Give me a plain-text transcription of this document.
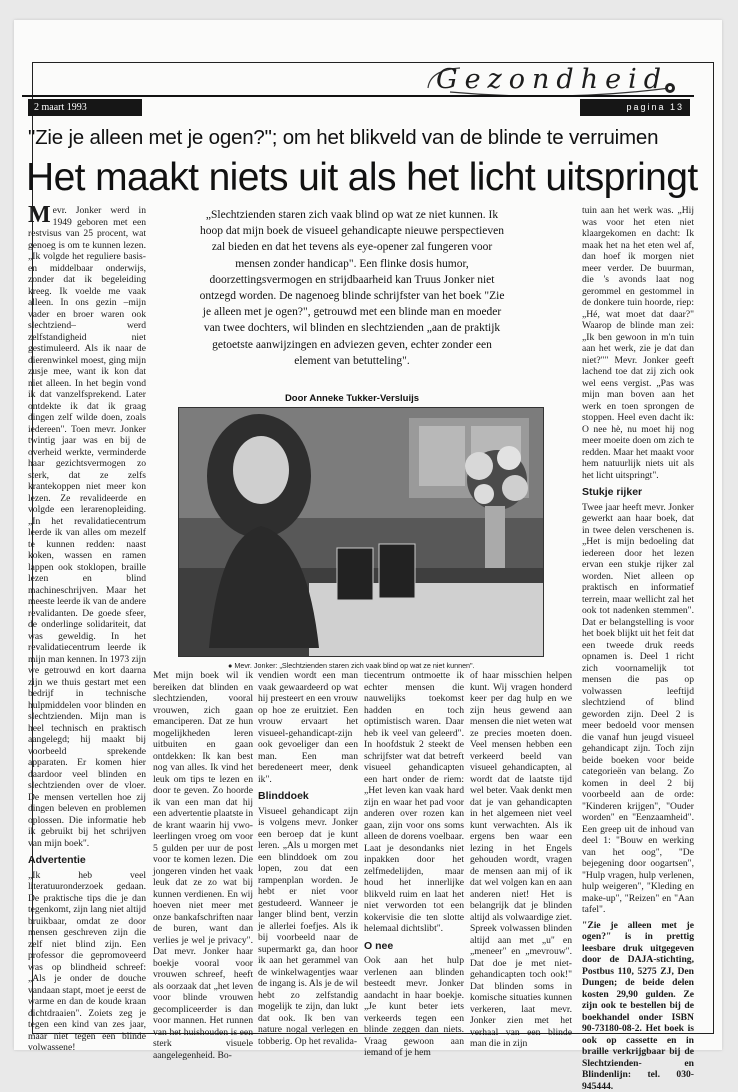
Gezondheid
2 maart 1993	pagina 13
"Zie je alleen met je ogen?"; om het blikveld van de blinde te verruimen
Het maakt niets uit als het licht uitspringt
„Slechtzienden staren zich vaak blind op wat ze niet kunnen. Ik hoop dat mijn boek de visueel gehandicapte nieuwe perspectieven zal bieden en dat het tevens als eye-opener zal fungeren voor mensen zonder handicap". Een flinke dosis humor, doorzettingsvermogen en strijdbaarheid kan Truus Jonker niet ontzegd worden. De nagenoeg blinde schrijfster van het boek "Zie je alleen met je ogen?", getrouwd met een blinde man en moeder van twee dochters, wil blinden en slechtzienden „aan de praktijk getoetste aanwijzingen en adviezen geven, echter zonder een element van betutteling".
Door Anneke Tukker-Versluijs
● Mevr. Jonker: „Slechtzienden staren zich vaak blind op wat ze niet kunnen".

Mevr. Jonker werd in 1949 geboren met een restvisus van 25 procent, wat genoeg is om te kunnen lezen. „Ik volgde het reguliere basis- en middelbaar onderwijs, zonder dat ik begeleiding kreeg. Ik voelde me vaak alleen. In ons gezin –mijn vader en broer waren ook slechtziend– werd zelfstandigheid niet gestimuleerd. Als ik naar de dierenwinkel moest, ging mijn zusje mee, want ik kon dat niet alleen. In het begin vond ik dat vanzelfsprekend. Later ontdekte ik dat ik graag dingen zelf wilde doen, zoals iedereen". Toen mevr. Jonker twintig jaar was en bij de overheid werkte, verminderde haar gezichtsvermogen zo sterk, dat ze zelfs krantekoppen niet meer kon lezen. Ze revalideerde en volgde een lerarenopleiding. „In het revalidatiecentrum leerde ik van alles om mezelf te kunnen redden: naast koken, wassen en ramen lappen ook stoklopen, braille lezen en blind machineschrijven. Maar het meeste leerde ik van de andere revalidanten. De goede sfeer, de onderlinge solidariteit, dat was geweldig. In het revalidatiecentrum leerde ik mijn man kennen. In 1973 zijn we getrouwd en kort daarna zijn we thuis gestart met een bedrijf in technische hulpmiddelen voor blinden en slechtzienden. Mijn man is heel technisch en praktisch aangelegd; hij maakt bij voorbeeld sprekende apparaten. Er komen hier daardoor veel blinden en slechtzienden over de vloer. De mensen vertellen hoe zij dingen beleven en problemen oplossen. Die informatie heb ik gebruikt bij het schrijven van mijn boek".

Advertentie

„Ik heb veel literatuuronderzoek gedaan. De praktische tips die je dan tegenkomt, zijn lang niet altijd bruikbaar, omdat ze door mensen geschreven zijn die zelf niet blind zijn. Een professor die gepromoveerd was op blindheid schreef: „Als je onder de douche vandaan stapt, moet je eerst de warme en dan de koude kraan dichtdraaien". Zoiets zeg je tegen een kind van zes jaar, maar niet tegen een blinde volwassene!

Met mijn boek wil ik bereiken dat blinden en slechtzienden, vooral vrouwen, zich gaan emanciperen. Dat ze hun mogelijkheden leren uitbuiten en gaan ontdekken: Ik kan best nog van alles. Ik vind het leuk om tips te lezen en door te geven. Zo hoorde ik van een man dat hij een advertentie plaatste in de krant waarin hij vwo-leerlingen vroeg om voor 5 gulden per uur de post voor te komen lezen. Die jongeren vinden het vaak leuk dat ze zo wat bij kunnen verdienen. En wij hoeven niet meer met onze bankafschriften naar de buren, want dan verlies je wel je privacy". Dat mevr. Jonker haar boekje vooral voor vrouwen schreef, heeft als oorzaak dat „het leven voor blinde vrouwen gecompliceerder is dan voor mannen. Het runnen van het huishouden is een sterk visuele aangelegenheid. Bo-

vendien wordt een man vaak gewaardeerd op wat hij presteert en een vrouw op hoe ze eruitziet. Een vrouw ervaart het visueel-gehandicapt-zijn ook gevoeliger dan een man. Een man beredeneert meer, denk ik".

Blinddoek

Visueel gehandicapt zijn is volgens mevr. Jonker een beroep dat je kunt leren. „Als u morgen met een blinddoek om zou lopen, zou dat een rampenplan worden. Je hebt er niet voor gestudeerd. Wanneer je langer blind bent, verzin je allerlei foefjes. Als ik bij voorbeeld naar de supermarkt ga, dan hoor ik aan het gerammel van de winkelwagentjes waar de ingang is. Als je de wil hebt zo zelfstandig mogelijk te zijn, dan lukt dat ook. Ik ben van nature nogal verlegen en tobberig. Op het revalida-

tiecentrum ontmoette ik echter mensen die nauwelijks toekomst hadden en toch optimistisch waren. Daar heb ik veel van geleerd". In hoofdstuk 2 steekt de schrijfster wat dat betreft visueel gehandicapten een hart onder de riem: „Het leven kan vaak hard zijn en waar het pad voor anderen over rozen kan gaan, zijn voor ons soms alleen de dorens voelbaar. Laat je desondanks niet inpakken door het zelfmedelijden, maar houd het innerlijke blikveld ruim en laat het niet verworden tot een kokervisie die ten slotte helemaal dichtslibt".

O nee

Ook aan het hulp verlenen aan blinden besteedt mevr. Jonker aandacht in haar boekje. „Je kunt beter iets verkeerds tegen een blinde zeggen dan niets. Vraag gewoon aan iemand of je hem

of haar misschien helpen kunt. Wij vragen honderd keer per dag hulp en we zijn heus gewend aan mensen die niet weten wat ze precies moeten doen. Veel mensen hebben een verkeerd beeld van visueel gehandicapten, al wordt dat de laatste tijd wel beter. Vaak denkt men dat je van gehandicapten in het algemeen niet veel kunt verwachten. Als ik ergens ben waar een lezing in het Engels gehouden wordt, vragen de mensen aan mij of ik dat wel volgen kan en aan anderen niet! Het is belangrijk dat je blinden altijd als volwaardige ziet. Spreek volwassen blinden altijd aan met „u" en „meneer" en „mevrouw". Dat doe je met niet-gehandicapten toch ook!" Dat blinden soms in komische situaties kunnen verkeren, laat mevr. Jonker zien met het verhaal van een blinde man die in zijn

tuin aan het werk was. „Hij was voor het eten niet klaargekomen en dacht: Ik maak het na het eten wel af, dan hoef ik morgen niet meer verder. De buurman, die 's avonds laat nog gerommel en gestommel in de donkere tuin hoorde, riep: „Hé, wat moet dat daar?" Waarop de blinde man zei: „Ik ben gewoon in m'n tuin aan het werk, zie je dat dan niet?"" Mevr. Jonker geeft lachend toe dat zij zich ook wel eens vergist. „Pas was mijn man boven aan het werk en toen sprongen de stoppen. Heel even dacht ik: O nee hè, nu moet hij nog meer moeite doen om zich te redden. Maar het maakt voor hem natuurlijk niets uit als het licht uitspringt".

Stukje rijker

Twee jaar heeft mevr. Jonker gewerkt aan haar boek, dat in twee delen verschenen is. „Het is mijn bedoeling dat iedereen door het lezen ervan een stukje rijker zal worden. Niet alleen op praktisch en informatief terrein, maar wellicht zal het ook tot nadenken stemmen". Dat er belangstelling is voor het boek blijkt uit het feit dat een tweede druk reeds opnamen is. Deel 1 richt zich voornamelijk tot mensen die pas op volwassen leeftijd slechtziend of blind geworden zijn. Deel 2 is meer bedoeld voor mensen die vanaf hun jeugd visueel gehandicapt zijn. Toch zijn beide boeken voor beide categorieën van belang. Zo komen in deel 2 bij voorbeeld aan de orde: "Kinderen krijgen", "Ouder worden" en "Eenzaamheid". Een greep uit de inhoud van deel 1: "Bouw en werking van het oog", "De bejegening door oogartsen", "Hulp vragen, hulp verlenen, hulp weigeren", "Kleding en make-up", "Reizen" en "Aan tafel".

"Zie je alleen met je ogen?" is in prettig leesbare druk uitgegeven door de DAJA-stichting, Postbus 110, 5275 ZJ, Den Dungen; de beide delen kosten 29,90 gulden. Ze zijn ook te bestellen bij de boekhandel onder ISBN 90-73180-08-2. Het boek is ook op cassette en in braille verkrijgbaar bij de Slechtzienden- en Blindenlijn: tel. 030-945444.
